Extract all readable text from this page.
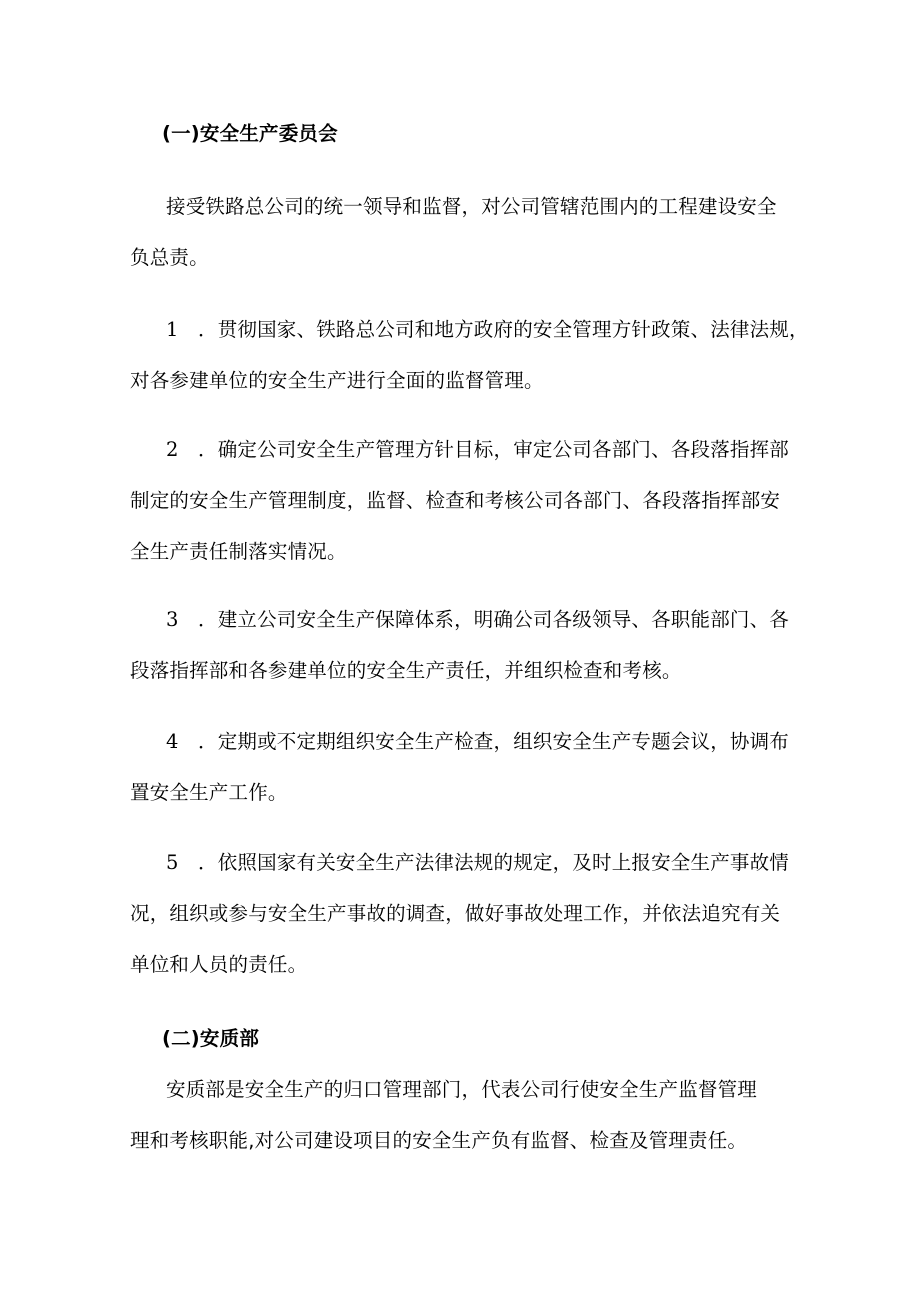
(一)安全生产委员会

接受铁路总公司的统一领导和监督，对公司管辖范围内的工程建设安全
负总责。

1 ．贯彻国家、铁路总公司和地方政府的安全管理方针政策、法律法规，
对各参建单位的安全生产进行全面的监督管理。

2 ．确定公司安全生产管理方针目标，审定公司各部门、各段落指挥部
制定的安全生产管理制度，监督、检查和考核公司各部门、各段落指挥部安
全生产责任制落实情况。

3 ．建立公司安全生产保障体系，明确公司各级领导、各职能部门、各
段落指挥部和各参建单位的安全生产责任，并组织检查和考核。

4 ．定期或不定期组织安全生产检查，组织安全生产专题会议，协调布
置安全生产工作。

5 ．依照国家有关安全生产法律法规的规定，及时上报安全生产事故情
况，组织或参与安全生产事故的调查，做好事故处理工作，并依法追究有关
单位和人员的责任。

(二)安质部

安质部是安全生产的归口管理部门，代表公司行使安全生产监督管理
理和考核职能,对公司建设项目的安全生产负有监督、检查及管理责任。
